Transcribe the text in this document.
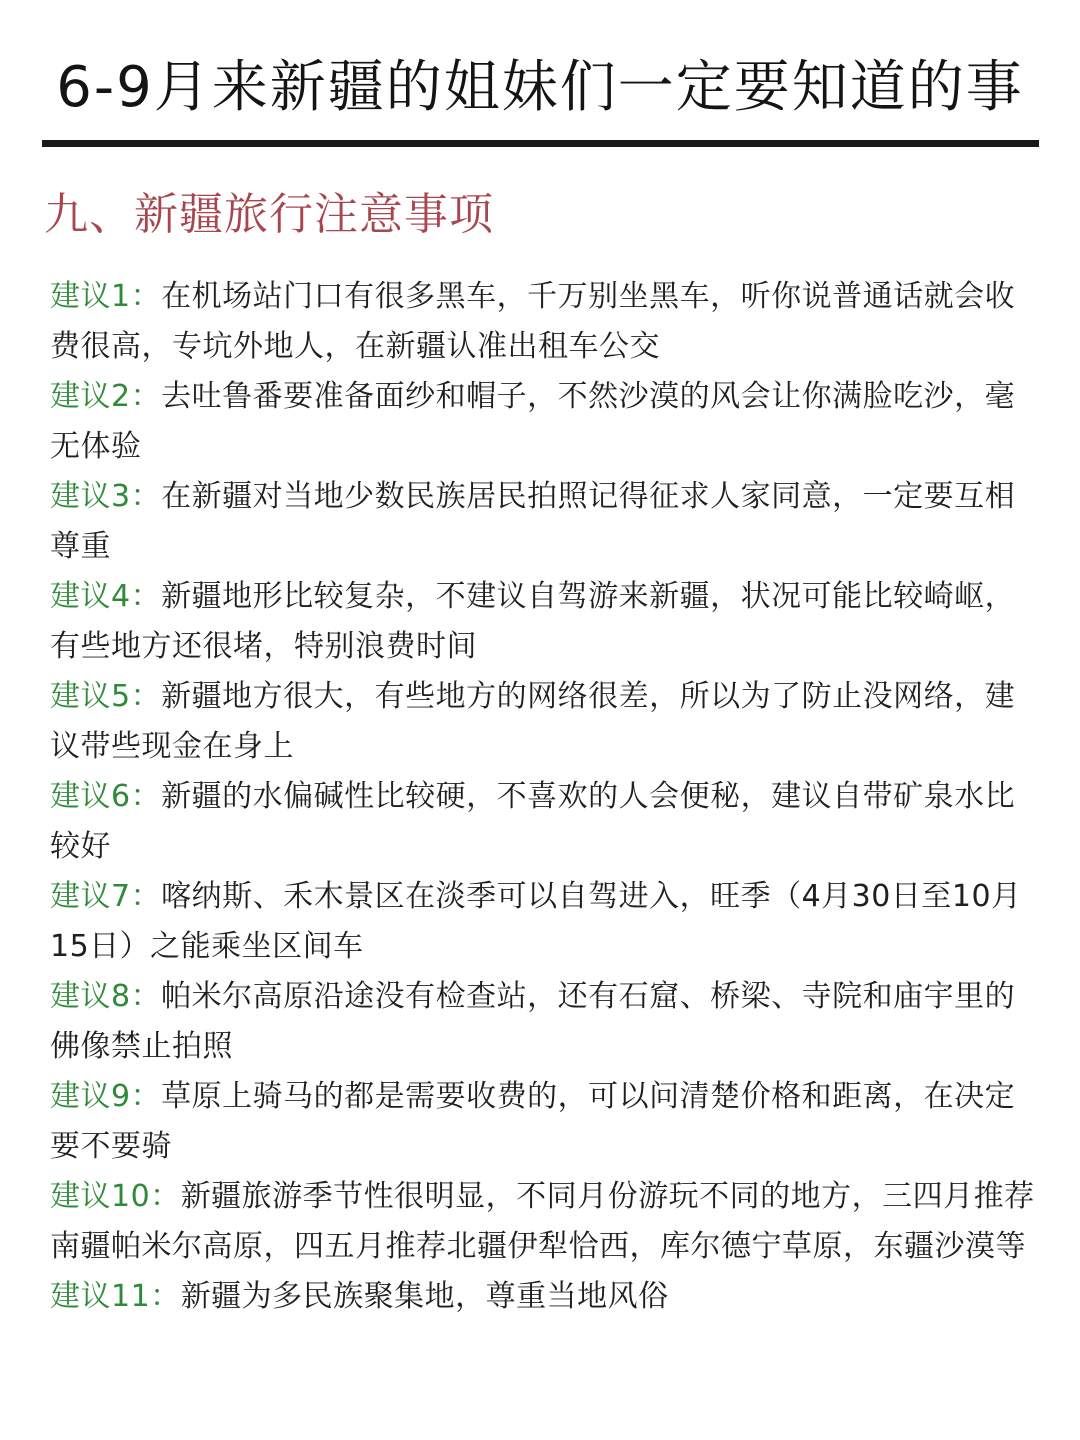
6-9月来新疆的姐妹们一定要知道的事
九、新疆旅行注意事项

建议1：在机场站门口有很多黑车，千万别坐黑车，听你说普通话就会收费很高，专坑外地人，在新疆认准出租车公交

建议2：去吐鲁番要准备面纱和帽子，不然沙漠的风会让你满脸吃沙，毫无体验

建议3：在新疆对当地少数民族居民拍照记得征求人家同意，一定要互相尊重

建议4：新疆地形比较复杂，不建议自驾游来新疆，状况可能比较崎岖，有些地方还很堵，特别浪费时间

建议5：新疆地方很大，有些地方的网络很差，所以为了防止没网络，建议带些现金在身上

建议6：新疆的水偏碱性比较硬，不喜欢的人会便秘，建议自带矿泉水比较好

建议7：喀纳斯、禾木景区在淡季可以自驾进入，旺季（4月30日至10月15日）之能乘坐区间车

建议8：帕米尔高原沿途没有检查站，还有石窟、桥梁、寺院和庙宇里的佛像禁止拍照

建议9：草原上骑马的都是需要收费的，可以问清楚价格和距离，在决定要不要骑

建议10：新疆旅游季节性很明显，不同月份游玩不同的地方，三四月推荐南疆帕米尔高原，四五月推荐北疆伊犁恰西，库尔德宁草原，东疆沙漠等

建议11：新疆为多民族聚集地，尊重当地风俗
